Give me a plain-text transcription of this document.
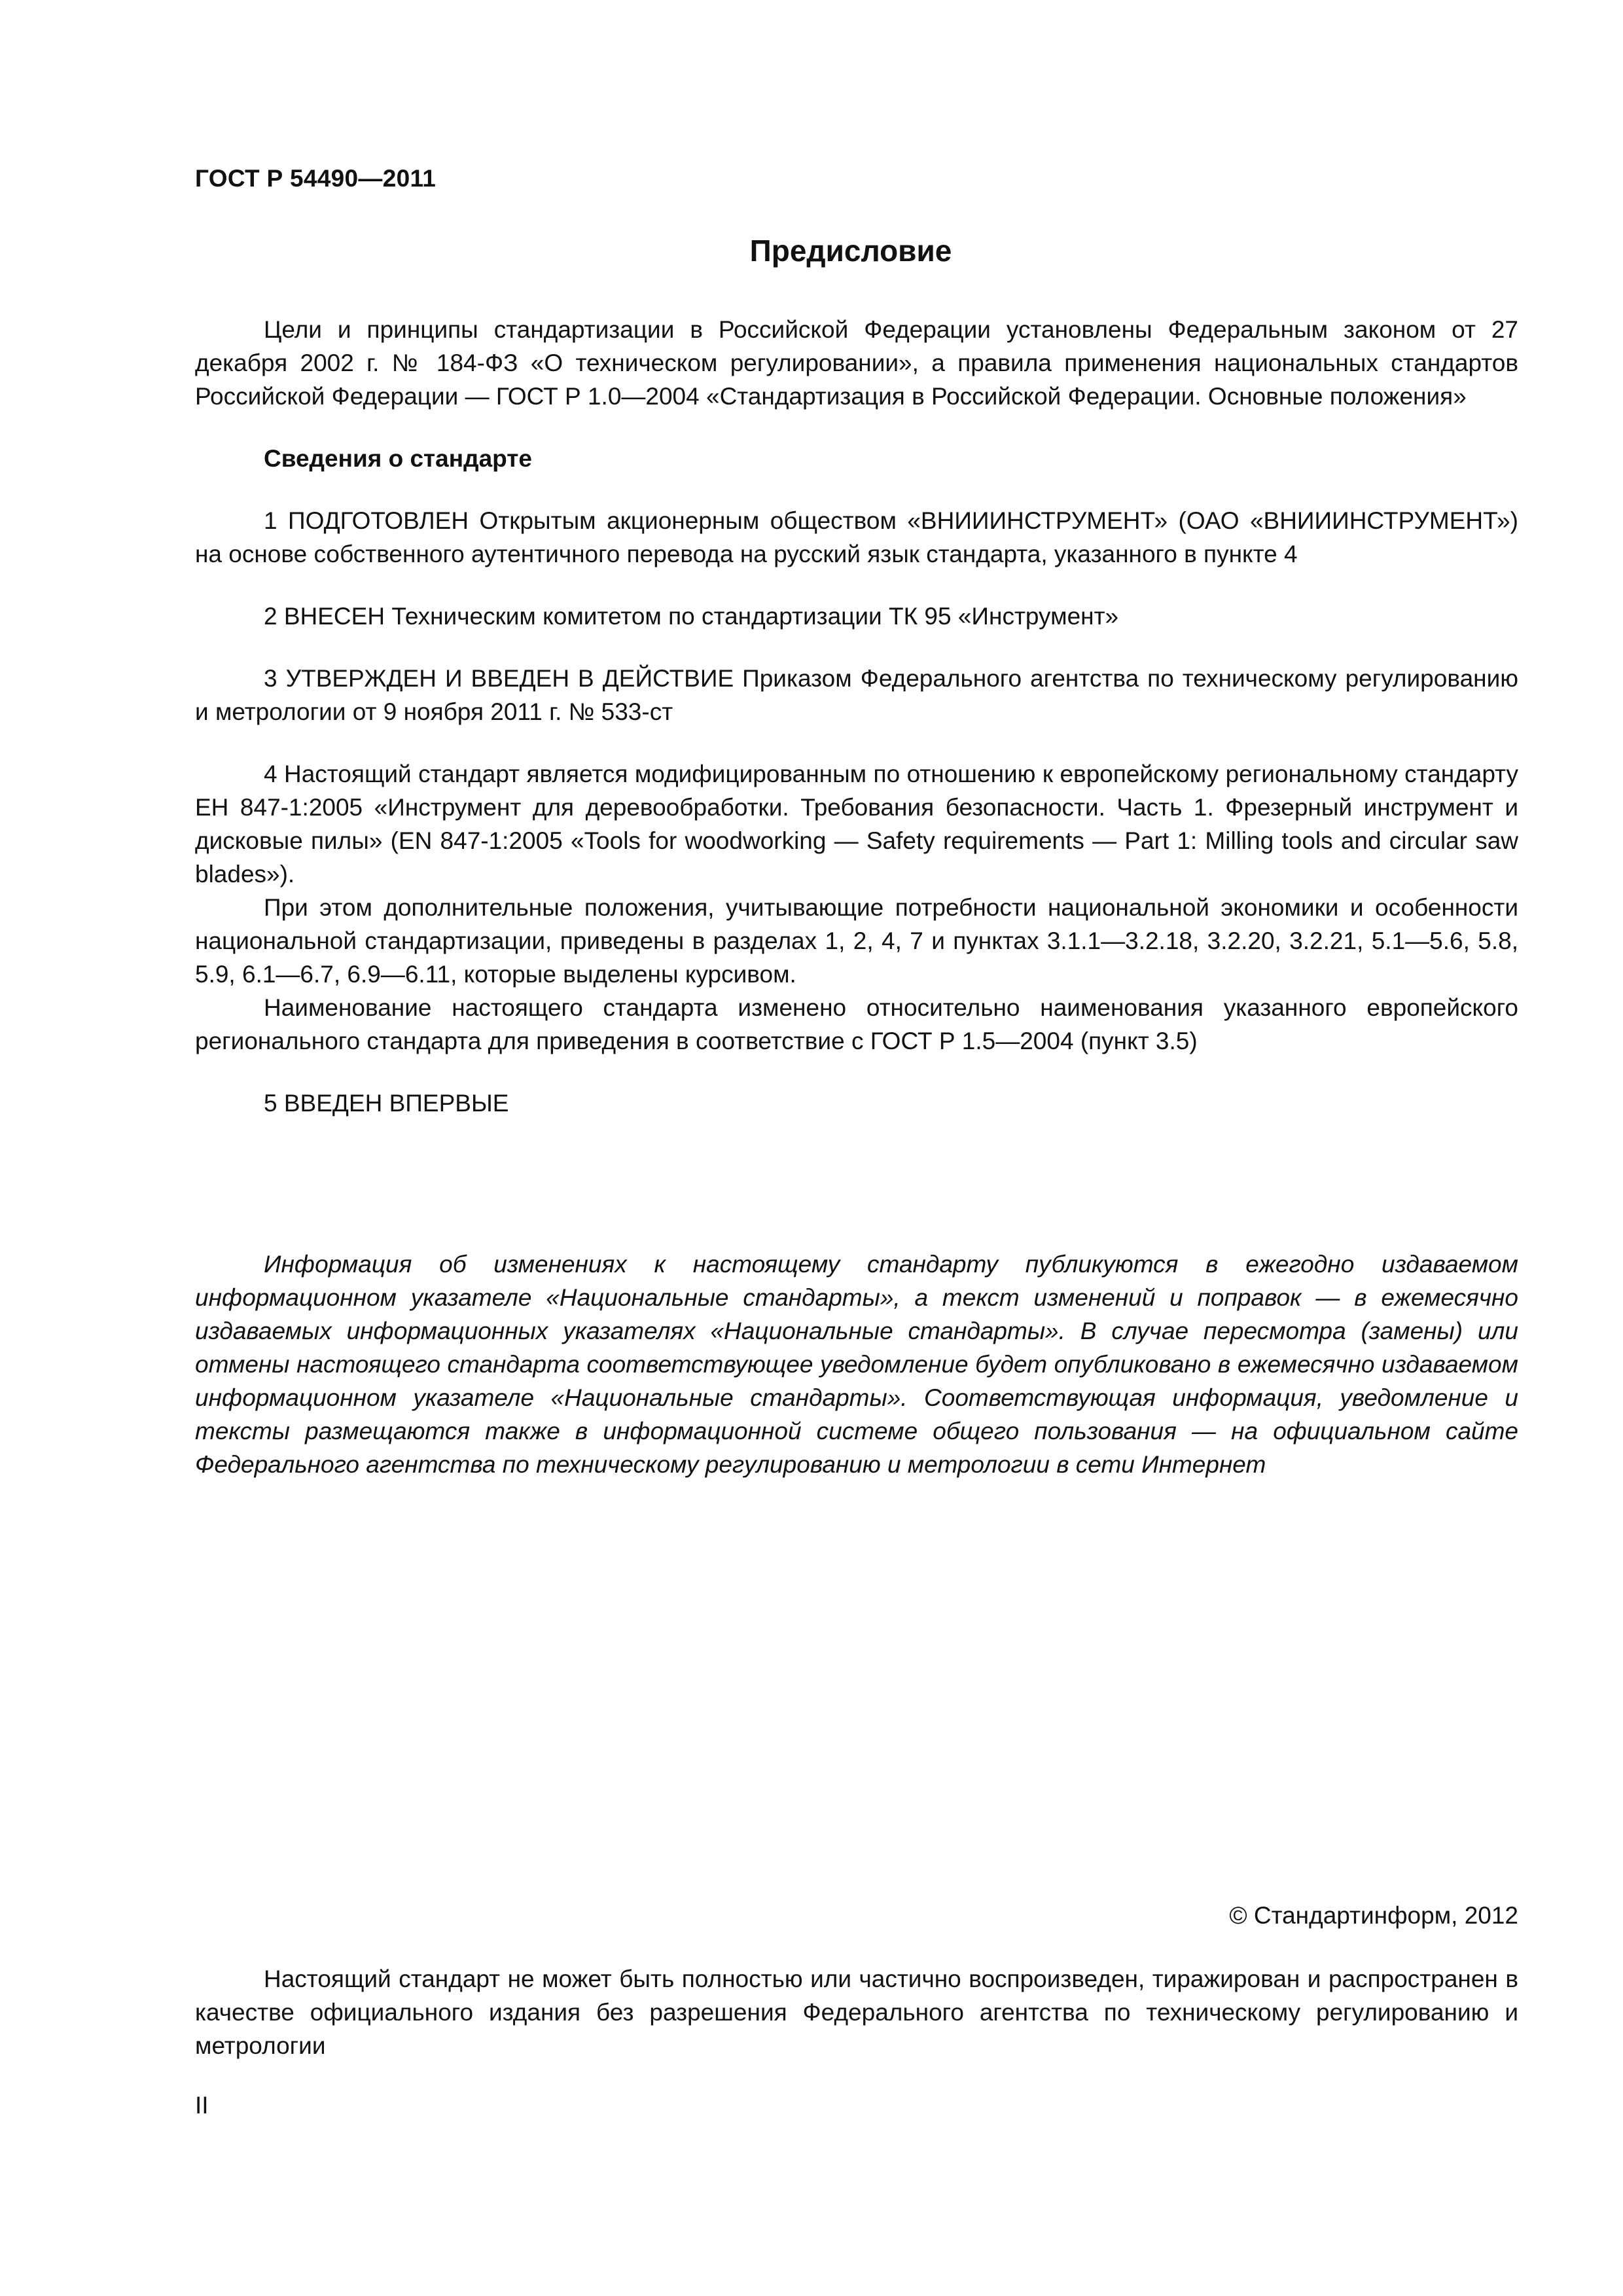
ГОСТ Р 54490—2011
Предисловие

Цели и принципы стандартизации в Российской Федерации установлены Федеральным законом от 27 декабря 2002 г. № 184-ФЗ «О техническом регулировании», а правила применения национальных стандартов Российской Федерации — ГОСТ Р 1.0—2004 «Стандартизация в Российской Федерации. Основные положения»

Сведения о стандарте

1 ПОДГОТОВЛЕН Открытым акционерным обществом «ВНИИИНСТРУМЕНТ» (ОАО «ВНИИИНСТРУМЕНТ») на основе собственного аутентичного перевода на русский язык стандарта, указанного в пункте 4

2 ВНЕСЕН Техническим комитетом по стандартизации ТК 95 «Инструмент»

3 УТВЕРЖДЕН И ВВЕДЕН В ДЕЙСТВИЕ Приказом Федерального агентства по техническому регулированию и метрологии от 9 ноября 2011 г. № 533-ст

4 Настоящий стандарт является модифицированным по отношению к европейскому региональному стандарту ЕН 847-1:2005 «Инструмент для деревообработки. Требования безопасности. Часть 1. Фрезерный инструмент и дисковые пилы» (EN 847-1:2005 «Tools for woodworking — Safety requirements — Part 1: Milling tools and circular saw blades»).

При этом дополнительные положения, учитывающие потребности национальной экономики и особенности национальной стандартизации, приведены в разделах 1, 2, 4, 7 и пунктах 3.1.1—3.2.18, 3.2.20, 3.2.21, 5.1—5.6, 5.8, 5.9, 6.1—6.7, 6.9—6.11, которые выделены курсивом.

Наименование настоящего стандарта изменено относительно наименования указанного европейского регионального стандарта для приведения в соответствие с ГОСТ Р 1.5—2004 (пункт 3.5)

5 ВВЕДЕН ВПЕРВЫЕ

Информация об изменениях к настоящему стандарту публикуются в ежегодно издаваемом информационном указателе «Национальные стандарты», а текст изменений и поправок — в ежемесячно издаваемых информационных указателях «Национальные стандарты». В случае пересмотра (замены) или отмены настоящего стандарта соответствующее уведомление будет опубликовано в ежемесячно издаваемом информационном указателе «Национальные стандарты». Соответствующая информация, уведомление и тексты размещаются также в информационной системе общего пользования — на официальном сайте Федерального агентства по техническому регулированию и метрологии в сети Интернет

© Стандартинформ, 2012

Настоящий стандарт не может быть полностью или частично воспроизведен, тиражирован и распространен в качестве официального издания без разрешения Федерального агентства по техническому регулированию и метрологии

II
